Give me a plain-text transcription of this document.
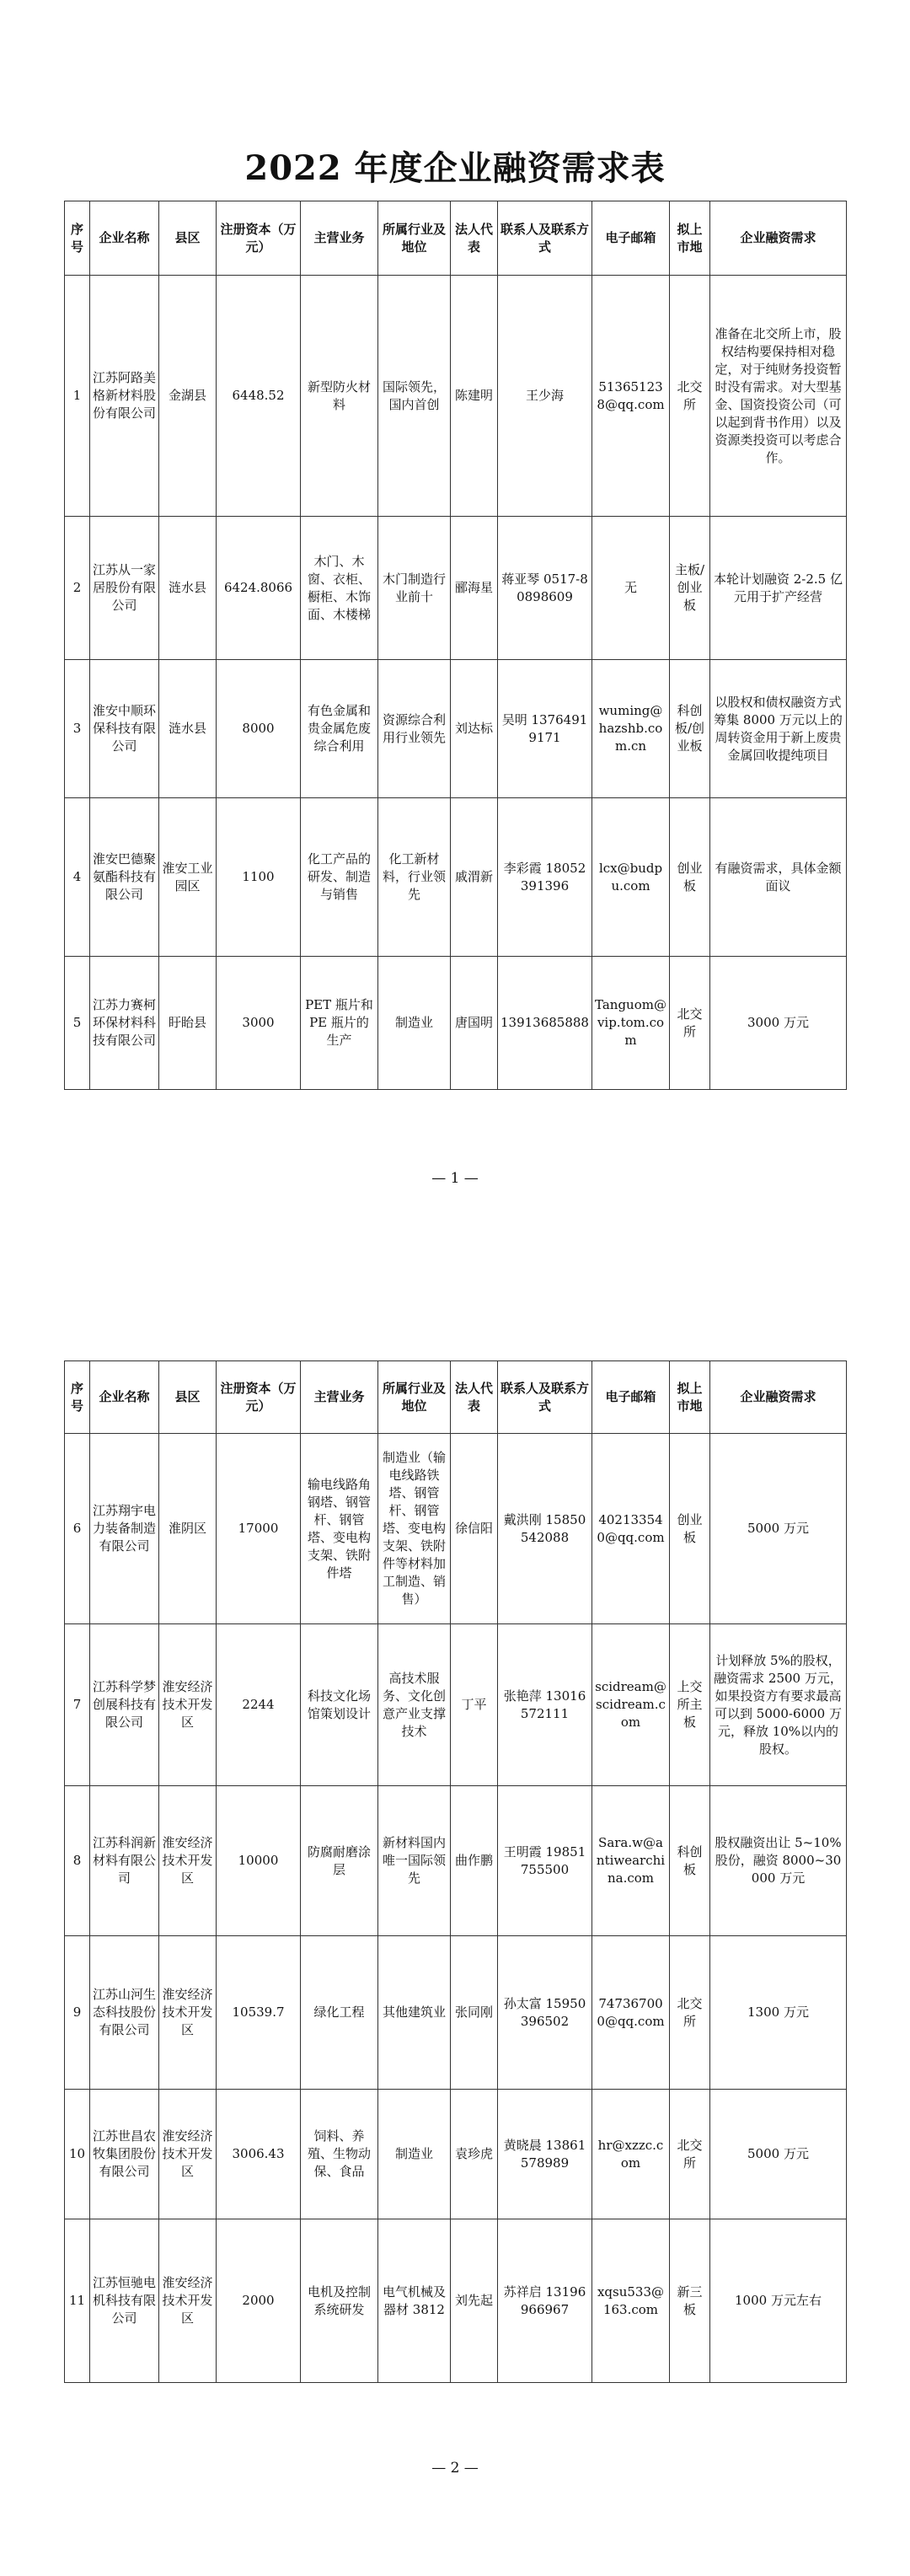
2022 年度企业融资需求表
序号	企业名称	县区	注册资本（万元）	主营业务	所属行业及地位	法人代表	联系人及联系方式	电子邮箱	拟上市地	企业融资需求
1	江苏阿路美格新材料股份有限公司	金湖县	6448.52	新型防火材料	国际领先，国内首创	陈建明	王少海	513651238@qq.com	北交所	准备在北交所上市，股权结构要保持相对稳定，对于纯财务投资暂时没有需求。对大型基金、国资投资公司（可以起到背书作用）以及资源类投资可以考虑合作。
2	江苏从一家居股份有限公司	涟水县	6424.8066	木门、木窗、衣柜、橱柜、木饰面、木楼梯	木门制造行业前十	郦海星	蒋亚琴 0517-80898609	无	主板/创业板	本轮计划融资 2-2.5 亿元用于扩产经营
3	淮安中顺环保科技有限公司	涟水县	8000	有色金属和贵金属危废综合利用	资源综合利用行业领先	刘达标	吴明 13764919171	wuming@hazshb.com.cn	科创板/创业板	以股权和债权融资方式筹集 8000 万元以上的周转资金用于新上废贵金属回收提纯项目
4	淮安巴德聚氨酯科技有限公司	淮安工业园区	1100	化工产品的研发、制造与销售	化工新材料，行业领先	戚渭新	李彩霞 18052391396	lcx@budpu.com	创业板	有融资需求，具体金额面议
5	江苏力赛柯环保材料科技有限公司	盱眙县	3000	PET 瓶片和 PE 瓶片的生产	制造业	唐国明	13913685888	Tanguom@vip.tom.com	北交所	3000 万元
— 1 —
序号	企业名称	县区	注册资本（万元）	主营业务	所属行业及地位	法人代表	联系人及联系方式	电子邮箱	拟上市地	企业融资需求
6	江苏翔宇电力装备制造有限公司	淮阴区	17000	输电线路角钢塔、钢管杆、钢管塔、变电构支架、铁附件塔	制造业（输电线路铁塔、钢管杆、钢管塔、变电构支架、铁附件等材料加工制造、销售）	徐信阳	戴洪刚 15850542088	402133540@qq.com	创业板	5000 万元
7	江苏科学梦创展科技有限公司	淮安经济技术开发区	2244	科技文化场馆策划设计	高技术服务、文化创意产业支撑技术	丁平	张艳萍 13016572111	scidream@scidream.com	上交所主板	计划释放 5%的股权，融资需求 2500 万元，如果投资方有要求最高可以到 5000-6000 万元，释放 10%以内的股权。
8	江苏科润新材料有限公司	淮安经济技术开发区	10000	防腐耐磨涂层	新材料国内唯一国际领先	曲作鹏	王明霞 19851755500	Sara.w@antiwearchina.com	科创板	股权融资出让 5~10%股份，融资 8000~30000 万元
9	江苏山河生态科技股份有限公司	淮安经济技术开发区	10539.7	绿化工程	其他建筑业	张同刚	孙太富 15950396502	747367000@qq.com	北交所	1300 万元
10	江苏世昌农牧集团股份有限公司	淮安经济技术开发区	3006.43	饲料、养殖、生物动保、食品	制造业	袁珍虎	黄晓晨 13861578989	hr@xzzc.com	北交所	5000 万元
11	江苏恒驰电机科技有限公司	淮安经济技术开发区	2000	电机及控制系统研发	电气机械及器材 3812	刘先起	苏祥启 13196966967	xqsu533@163.com	新三板	1000 万元左右
— 2 —
